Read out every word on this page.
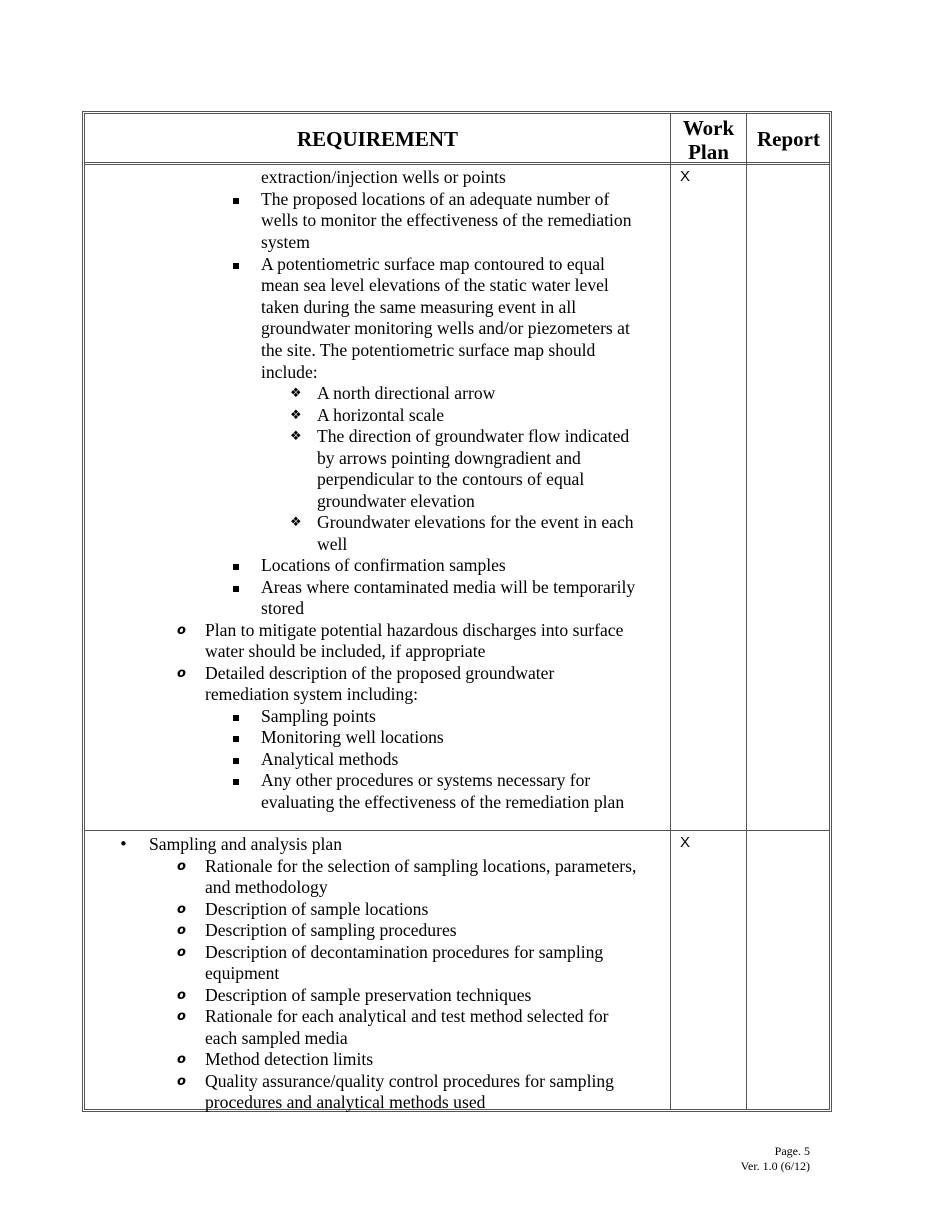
REQUIREMENT	Work
Plan
Report
X
X
extraction/injection wells or points
The proposed locations of an adequate number of
wells to monitor the effectiveness of the remediation
system
A potentiometric surface map contoured to equal
mean sea level elevations of the static water level
taken during the same measuring event in all
groundwater monitoring wells and/or piezometers at
the site. The potentiometric surface map should
include:
❖ A north directional arrow
❖ A horizontal scale
❖ The direction of groundwater flow indicated
by arrows pointing downgradient and
perpendicular to the contours of equal
groundwater elevation
❖ Groundwater elevations for the event in each
well
Locations of confirmation samples
Areas where contaminated media will be temporarily
stored
o Plan to mitigate potential hazardous discharges into surface
water should be included, if appropriate
o Detailed description of the proposed groundwater
remediation system including:
Sampling points
Monitoring well locations
Analytical methods
Any other procedures or systems necessary for
evaluating the effectiveness of the remediation plan
• Sampling and analysis plan
o Rationale for the selection of sampling locations, parameters,
and methodology
o Description of sample locations
o Description of sampling procedures
o Description of decontamination procedures for sampling
equipment
o Description of sample preservation techniques
o Rationale for each analytical and test method selected for
each sampled media
o Method detection limits
o Quality assurance/quality control procedures for sampling
procedures and analytical methods used
Page. 5
Ver. 1.0 (6/12)
